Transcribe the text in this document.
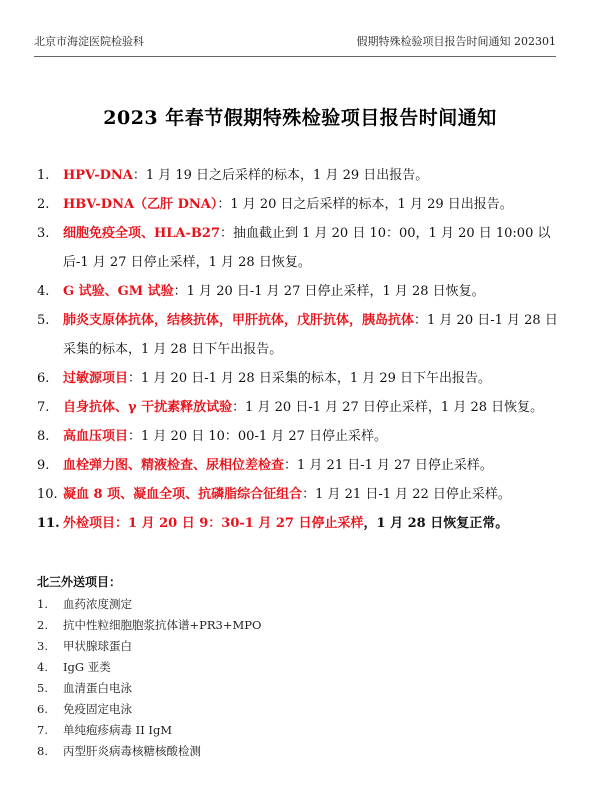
北京市海淀医院检验科	假期特殊检验项目报告时间通知 202301
2023 年春节假期特殊检验项目报告时间通知
1. HPV-DNA：1 月 19 日之后采样的标本，1 月 29 日出报告。
2. HBV-DNA（乙肝 DNA）：1 月 20 日之后采样的标本，1 月 29 日出报告。
3. 细胞免疫全项、HLA-B27：抽血截止到 1 月 20 日 10：00，1 月 20 日 10:00 以后-1 月 27 日停止采样，1 月 28 日恢复。
4. G 试验、GM 试验：1 月 20 日-1 月 27 日停止采样，1 月 28 日恢复。
5. 肺炎支原体抗体，结核抗体，甲肝抗体，戊肝抗体，胰岛抗体：1 月 20 日-1 月 28 日采集的标本，1 月 28 日下午出报告。
6. 过敏源项目：1 月 20 日-1 月 28 日采集的标本，1 月 29 日下午出报告。
7. 自身抗体、γ 干扰素释放试验：1 月 20 日-1 月 27 日停止采样，1 月 28 日恢复。
8. 高血压项目：1 月 20 日 10：00-1 月 27 日停止采样。
9. 血栓弹力图、精液检查、尿相位差检查：1 月 21 日-1 月 27 日停止采样。
10. 凝血 8 项、凝血全项、抗磷脂综合征组合：1 月 21 日-1 月 22 日停止采样。
11. 外检项目：1 月 20 日 9：30-1 月 27 日停止采样，1 月 28 日恢复正常。
北三外送项目：
1. 血药浓度测定
2. 抗中性粒细胞胞浆抗体谱+PR3+MPO
3. 甲状腺球蛋白
4. IgG 亚类
5. 血清蛋白电泳
6. 免疫固定电泳
7. 单纯疱疹病毒 II IgM
8. 丙型肝炎病毒核糖核酸检测
